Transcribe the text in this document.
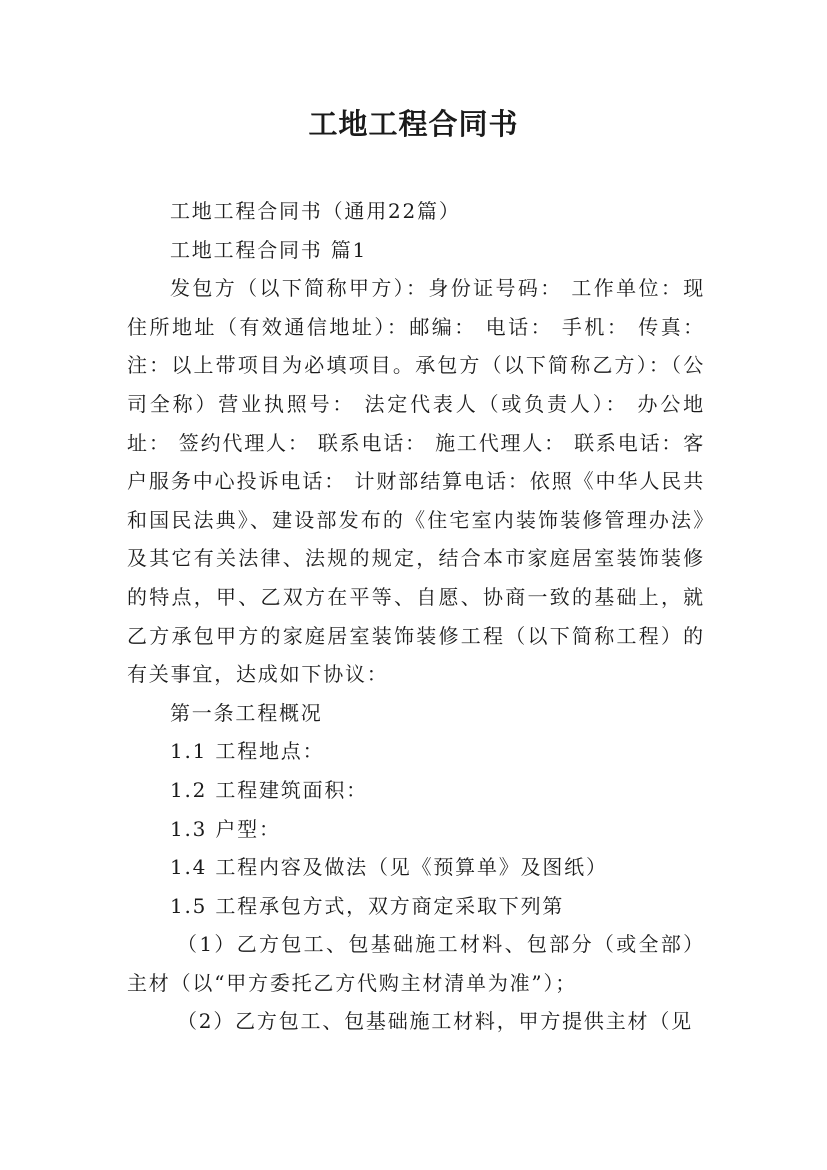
工地工程合同书

工地工程合同书（通用22篇）

工地工程合同书 篇1

发包方（以下简称甲方）：身份证号码： 工作单位：现住所地址（有效通信地址）：邮编： 电话： 手机： 传真：注：以上带项目为必填项目。承包方（以下简称乙方）：（公司全称）营业执照号： 法定代表人（或负责人）： 办公地址： 签约代理人： 联系电话： 施工代理人： 联系电话：客户服务中心投诉电话： 计财部结算电话：依照《中华人民共和国民法典》、建设部发布的《住宅室内装饰装修管理办法》及其它有关法律、法规的规定，结合本市家庭居室装饰装修的特点，甲、乙双方在平等、自愿、协商一致的基础上，就乙方承包甲方的家庭居室装饰装修工程（以下简称工程）的有关事宜，达成如下协议：

第一条工程概况

1.1 工程地点：

1.2 工程建筑面积：

1.3 户型：

1.4 工程内容及做法（见《预算单》及图纸）

1.5 工程承包方式，双方商定采取下列第

（1）乙方包工、包基础施工材料、包部分（或全部）主材（以“甲方委托乙方代购主材清单为准”）；

（2）乙方包工、包基础施工材料，甲方提供主材（见
